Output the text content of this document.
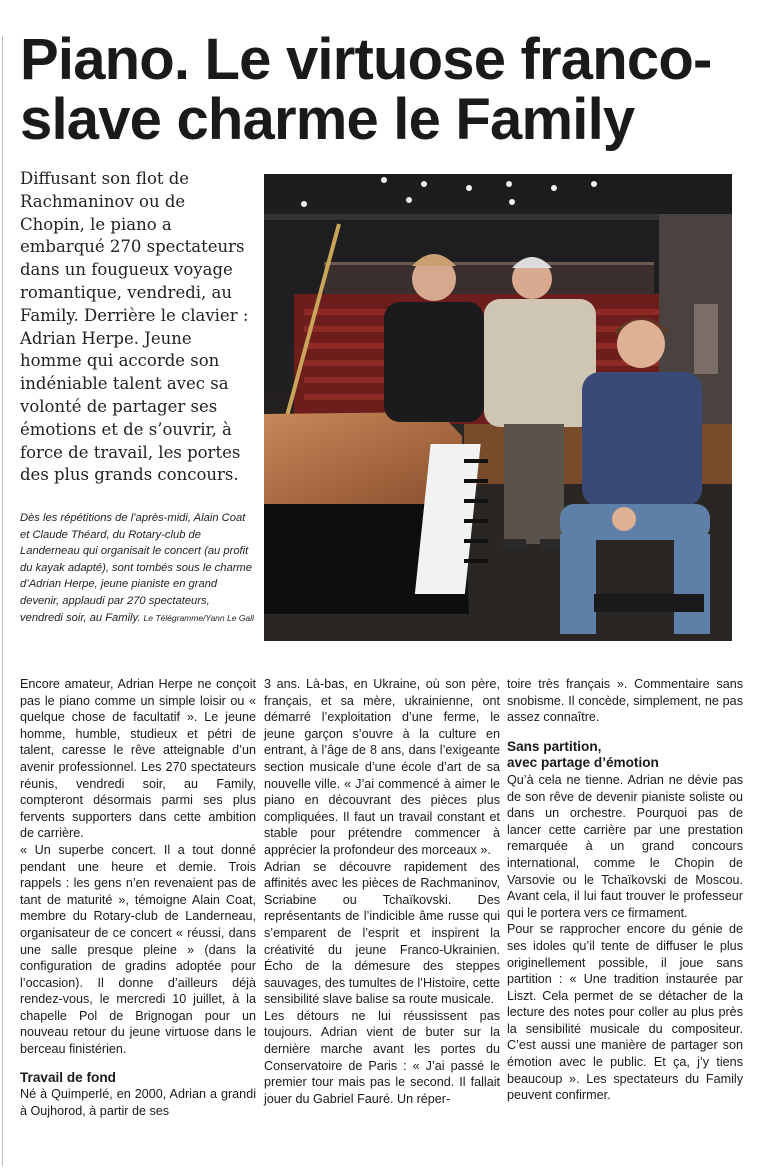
Piano. Le virtuose franco-slave charme le Family

Diffusant son flot de Rachmaninov ou de Chopin, le piano a embarqué 270 spectateurs dans un fougueux voyage romantique, vendredi, au Family. Derrière le clavier : Adrian Herpe. Jeune homme qui accorde son indéniable talent avec sa volonté de partager ses émotions et de s’ouvrir, à force de travail, les portes des plus grands concours.

Dès les répétitions de l’après-midi, Alain Coat et Claude Théard, du Rotary-club de Landerneau qui organisait le concert (au profit du kayak adapté), sont tombés sous le charme d’Adrian Herpe, jeune pianiste en grand devenir, applaudi par 270 spectateurs, vendredi soir, au Family. Le Télégramme/Yann Le Gall

Encore amateur, Adrian Herpe ne conçoit pas le piano comme un simple loisir ou « quelque chose de facultatif ». Le jeune homme, humble, studieux et pétri de talent, caresse le rêve atteignable d’un avenir professionnel. Les 270 spectateurs réunis, vendredi soir, au Family, compteront désormais parmi ses plus fervents supporters dans cette ambition de carrière.

« Un superbe concert. Il a tout donné pendant une heure et demie. Trois rappels : les gens n’en revenaient pas de tant de maturité », témoigne Alain Coat, membre du Rotary-club de Landerneau, organisateur de ce concert « réussi, dans une salle presque pleine » (dans la configuration de gradins adoptée pour l’occasion). Il donne d’ailleurs déjà rendez-vous, le mercredi 10 juillet, à la chapelle Pol de Brignogan pour un nouveau retour du jeune virtuose dans le berceau finistérien.

Travail de fond

Né à Quimperlé, en 2000, Adrian a grandi à Oujhorod, à partir de ses

3 ans. Là-bas, en Ukraine, où son père, français, et sa mère, ukrainienne, ont démarré l’exploitation d’une ferme, le jeune garçon s’ouvre à la culture en entrant, à l’âge de 8 ans, dans l’exigeante section musicale d’une école d’art de sa nouvelle ville. « J’ai commencé à aimer le piano en découvrant des pièces plus compliquées. Il faut un travail constant et stable pour prétendre commencer à apprécier la profondeur des morceaux ».

Adrian se découvre rapidement des affinités avec les pièces de Rachmaninov, Scriabine ou Tchaïkovski. Des représentants de l’indicible âme russe qui s’emparent de l’esprit et inspirent la créativité du jeune Franco-Ukrainien. Écho de la démesure des steppes sauvages, des tumultes de l’Histoire, cette sensibilité slave balise sa route musicale.

Les détours ne lui réussissent pas toujours. Adrian vient de buter sur la dernière marche avant les portes du Conservatoire de Paris : « J’ai passé le premier tour mais pas le second. Il fallait jouer du Gabriel Fauré. Un réper-

toire très français ». Commentaire sans snobisme. Il concède, simplement, ne pas assez connaître.

Sans partition,
avec partage d’émotion

Qu’à cela ne tienne. Adrian ne dévie pas de son rêve de devenir pianiste soliste ou dans un orchestre. Pourquoi pas de lancer cette carrière par une prestation remarquée à un grand concours international, comme le Chopin de Varsovie ou le Tchaïkovski de Moscou. Avant cela, il lui faut trouver le professeur qui le portera vers ce firmament.

Pour se rapprocher encore du génie de ses idoles qu’il tente de diffuser le plus originellement possible, il joue sans partition : « Une tradition instaurée par Liszt. Cela permet de se détacher de la lecture des notes pour coller au plus près la sensibilité musicale du compositeur. C’est aussi une manière de partager son émotion avec le public. Et ça, j’y tiens beaucoup ». Les spectateurs du Family peuvent confirmer.
